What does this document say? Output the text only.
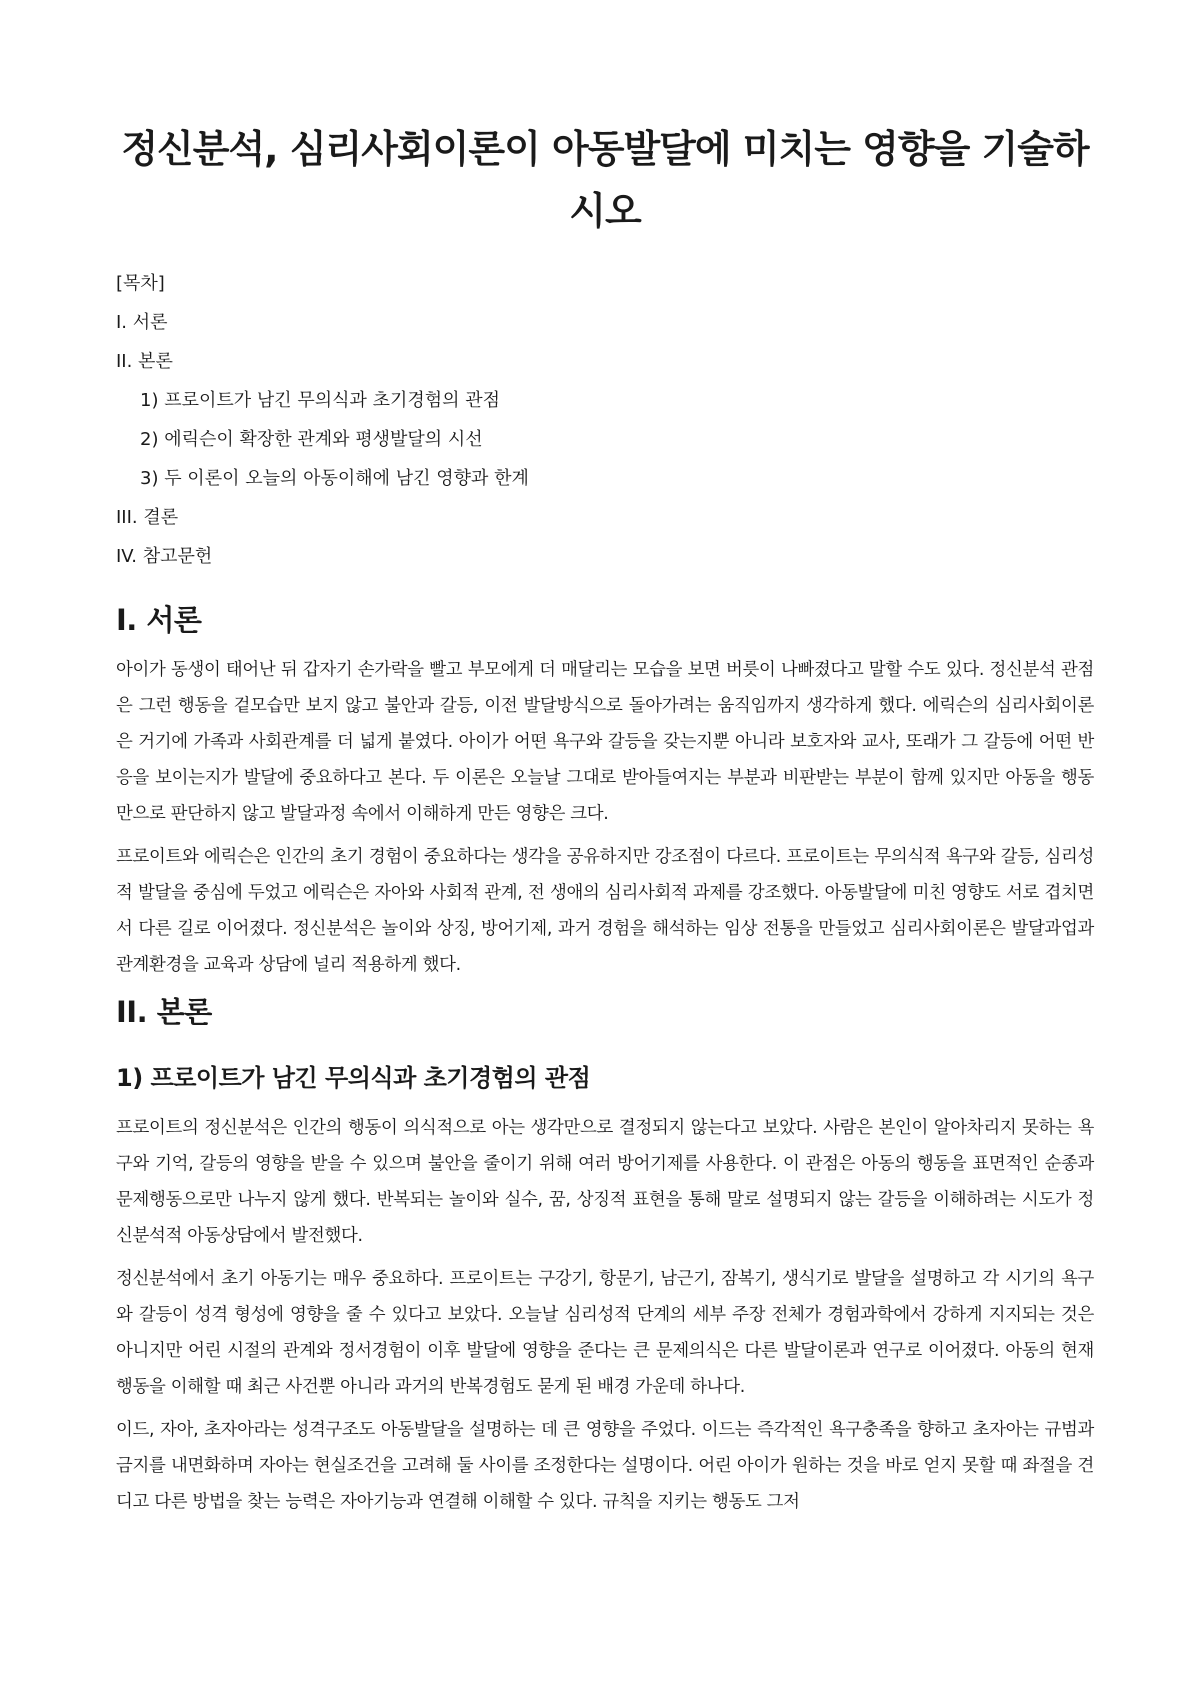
정신분석, 심리사회이론이 아동발달에 미치는 영향을 기술하시오
[목차]
I. 서론
II. 본론
1) 프로이트가 남긴 무의식과 초기경험의 관점
2) 에릭슨이 확장한 관계와 평생발달의 시선
3) 두 이론이 오늘의 아동이해에 남긴 영향과 한계
III. 결론
IV. 참고문헌
I. 서론

아이가 동생이 태어난 뒤 갑자기 손가락을 빨고 부모에게 더 매달리는 모습을 보면 버릇이 나빠졌다고 말할 수도 있다. 정신분석 관점은 그런 행동을 겉모습만 보지 않고 불안과 갈등, 이전 발달방식으로 돌아가려는 움직임까지 생각하게 했다. 에릭슨의 심리사회이론은 거기에 가족과 사회관계를 더 넓게 붙였다. 아이가 어떤 욕구와 갈등을 갖는지뿐 아니라 보호자와 교사, 또래가 그 갈등에 어떤 반응을 보이는지가 발달에 중요하다고 본다. 두 이론은 오늘날 그대로 받아들여지는 부분과 비판받는 부분이 함께 있지만 아동을 행동만으로 판단하지 않고 발달과정 속에서 이해하게 만든 영향은 크다.

프로이트와 에릭슨은 인간의 초기 경험이 중요하다는 생각을 공유하지만 강조점이 다르다. 프로이트는 무의식적 욕구와 갈등, 심리성적 발달을 중심에 두었고 에릭슨은 자아와 사회적 관계, 전 생애의 심리사회적 과제를 강조했다. 아동발달에 미친 영향도 서로 겹치면서 다른 길로 이어졌다. 정신분석은 놀이와 상징, 방어기제, 과거 경험을 해석하는 임상 전통을 만들었고 심리사회이론은 발달과업과 관계환경을 교육과 상담에 널리 적용하게 했다.

II. 본론
1) 프로이트가 남긴 무의식과 초기경험의 관점

프로이트의 정신분석은 인간의 행동이 의식적으로 아는 생각만으로 결정되지 않는다고 보았다. 사람은 본인이 알아차리지 못하는 욕구와 기억, 갈등의 영향을 받을 수 있으며 불안을 줄이기 위해 여러 방어기제를 사용한다. 이 관점은 아동의 행동을 표면적인 순종과 문제행동으로만 나누지 않게 했다. 반복되는 놀이와 실수, 꿈, 상징적 표현을 통해 말로 설명되지 않는 갈등을 이해하려는 시도가 정신분석적 아동상담에서 발전했다.

정신분석에서 초기 아동기는 매우 중요하다. 프로이트는 구강기, 항문기, 남근기, 잠복기, 생식기로 발달을 설명하고 각 시기의 욕구와 갈등이 성격 형성에 영향을 줄 수 있다고 보았다. 오늘날 심리성적 단계의 세부 주장 전체가 경험과학에서 강하게 지지되는 것은 아니지만 어린 시절의 관계와 정서경험이 이후 발달에 영향을 준다는 큰 문제의식은 다른 발달이론과 연구로 이어졌다. 아동의 현재 행동을 이해할 때 최근 사건뿐 아니라 과거의 반복경험도 묻게 된 배경 가운데 하나다.

이드, 자아, 초자아라는 성격구조도 아동발달을 설명하는 데 큰 영향을 주었다. 이드는 즉각적인 욕구충족을 향하고 초자아는 규범과 금지를 내면화하며 자아는 현실조건을 고려해 둘 사이를 조정한다는 설명이다. 어린 아이가 원하는 것을 바로 얻지 못할 때 좌절을 견디고 다른 방법을 찾는 능력은 자아기능과 연결해 이해할 수 있다. 규칙을 지키는 행동도 그저
